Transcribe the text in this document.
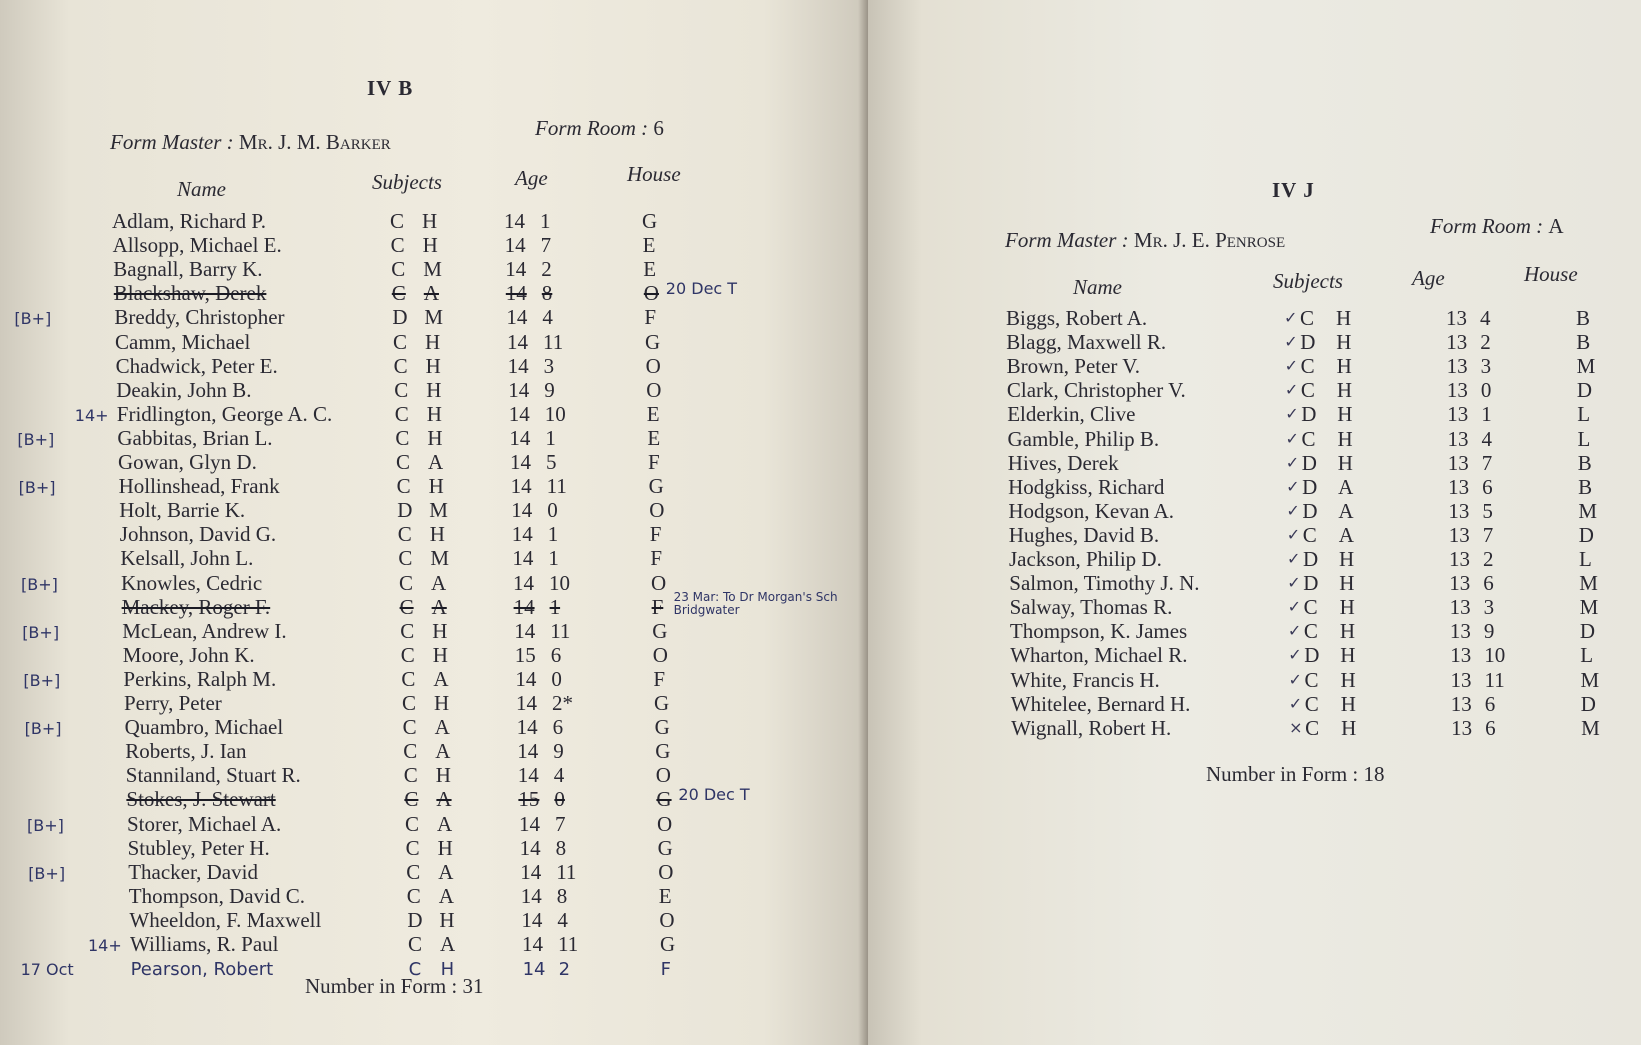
IV B
Form Master : Mr. J. M. Barker
Form Room : 6
Name	Subjects	Age	House
Adlam, Richard P.	C H	14 1	G
Allsopp, Michael E.	C H	14 7	E
Bagnall, Barry K.	C M	14 2	E
Blackshaw, Derek	C A	14 8	O 20 Dec T
Breddy, Christopher	D M	14 4	F
[B+]
Camm, Michael	C H	14 11	G
Chadwick, Peter E.	C H	14 3	O
Deakin, John B.	C H	14 9	O
Fridlington, George A. C.	C H	14 10	E
14+
Gabbitas, Brian L.	C H	14 1	E
[B+]
Gowan, Glyn D.	C A	14 5	F
Hollinshead, Frank	C H	14 11	G
[B+]
Holt, Barrie K.	D M	14 0	O
Johnson, David G.	C H	14 1	F
Kelsall, John L.	C M	14 1	F
Knowles, Cedric	C A	14 10	O
[B+]
Mackey, Roger F.	C A	14 1	F 23 Mar: To Dr Morgan's Sch Bridgwater
McLean, Andrew I.	C H	14 11	G
[B+]
Moore, John K.	C H	15 6	O
Perkins, Ralph M.	C A	14 0	F
[B+]
Perry, Peter	C H	14 2*	G
Quambro, Michael	C A	14 6	G
[B+]
Roberts, J. Ian	C A	14 9	G
Stanniland, Stuart R.	C H	14 4	O
Stokes, J. Stewart	C A	15 0	G 20 Dec T
Storer, Michael A.	C A	14 7	O
[B+]
Stubley, Peter H.	C H	14 8	G
Thacker, David	C A	14 11	O
[B+]
Thompson, David C.	C A	14 8	E
Wheeldon, F. Maxwell	D H	14 4	O
Williams, R. Paul	C A	14 11	G
14+
Pearson, Robert	C H	14 2	F
17 Oct
Number in Form : 31
IV J
Form Master : Mr. J. E. Penrose
Form Room : A
Name	Subjects	Age	House
✓
Biggs, Robert A.	C H	13 4	B
✓
Blagg, Maxwell R.	D H	13 2	B
✓
Brown, Peter V.	C H	13 3	M
✓
Clark, Christopher V.	C H	13 0	D
✓
Elderkin, Clive	D H	13 1	L
✓
Gamble, Philip B.	C H	13 4	L
✓
Hives, Derek	D H	13 7	B
✓
Hodgkiss, Richard	D A	13 6	B
✓
Hodgson, Kevan A.	D A	13 5	M
✓
Hughes, David B.	C A	13 7	D
✓
Jackson, Philip D.	D H	13 2	L
✓
Salmon, Timothy J. N.	D H	13 6	M
✓
Salway, Thomas R.	C H	13 3	M
✓
Thompson, K. James	C H	13 9	D
✓
Wharton, Michael R.	D H	13 10	L
✓
White, Francis H.	C H	13 11	M
✓
Whitelee, Bernard H.	C H	13 6	D
×
Wignall, Robert H.	C H	13 6	M
Number in Form : 18
